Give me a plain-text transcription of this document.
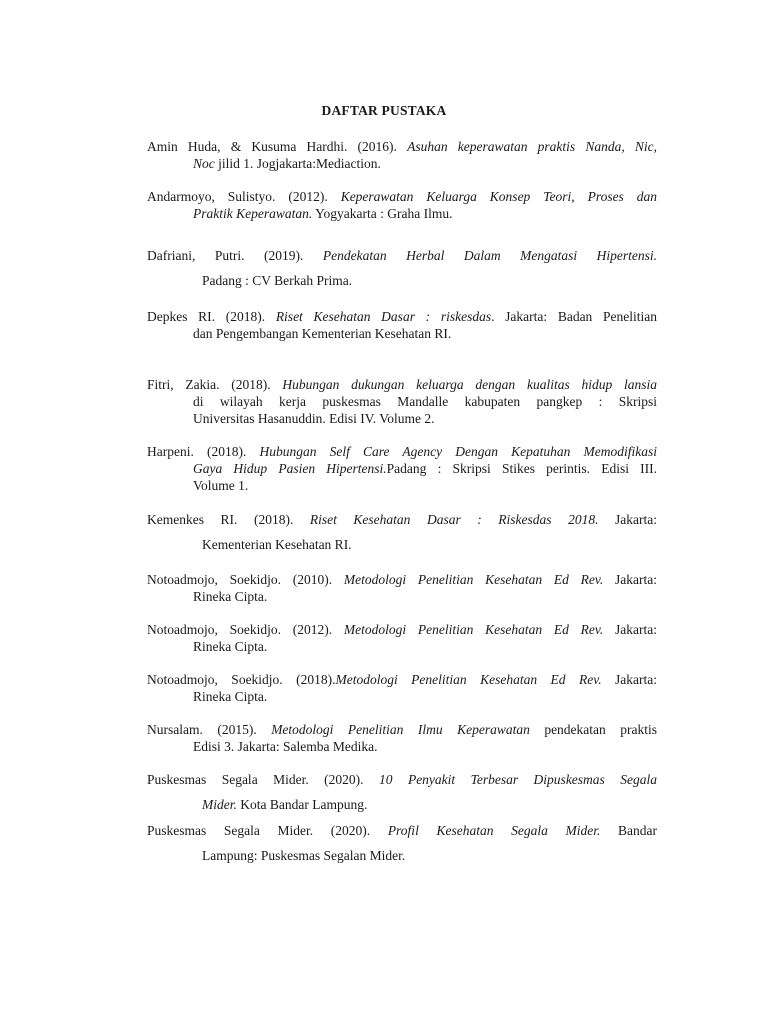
DAFTAR PUSTAKA
Amin Huda, & Kusuma Hardhi. (2016). Asuhan keperawatan praktis Nanda, Nic,
Noc jilid 1. Jogjakarta:Mediaction.
Andarmoyo, Sulistyo. (2012). Keperawatan Keluarga Konsep Teori, Proses dan
Praktik Keperawatan. Yogyakarta : Graha Ilmu.
Dafriani, Putri. (2019). Pendekatan Herbal Dalam Mengatasi Hipertensi.
Padang : CV Berkah Prima.
Depkes RI. (2018). Riset Kesehatan Dasar : riskesdas. Jakarta: Badan Penelitian
dan Pengembangan Kementerian Kesehatan RI.
Fitri, Zakia. (2018). Hubungan dukungan keluarga dengan kualitas hidup lansia
di wilayah kerja puskesmas Mandalle kabupaten pangkep : Skripsi
Universitas Hasanuddin. Edisi IV. Volume 2.
Harpeni. (2018). Hubungan Self Care Agency Dengan Kepatuhan Memodifikasi
Gaya Hidup Pasien Hipertensi.Padang : Skripsi Stikes perintis. Edisi III.
Volume 1.
Kemenkes RI. (2018). Riset Kesehatan Dasar : Riskesdas 2018. Jakarta:
Kementerian Kesehatan RI.
Notoadmojo, Soekidjo. (2010). Metodologi Penelitian Kesehatan Ed Rev. Jakarta:
Rineka Cipta.
Notoadmojo, Soekidjo. (2012). Metodologi Penelitian Kesehatan Ed Rev. Jakarta:
Rineka Cipta.
Notoadmojo, Soekidjo. (2018).Metodologi Penelitian Kesehatan Ed Rev. Jakarta:
Rineka Cipta.
Nursalam. (2015). Metodologi Penelitian Ilmu Keperawatan pendekatan praktis
Edisi 3. Jakarta: Salemba Medika.
Puskesmas Segala Mider. (2020). 10 Penyakit Terbesar Dipuskesmas Segala
Mider. Kota Bandar Lampung.
Puskesmas Segala Mider. (2020). Profil Kesehatan Segala Mider. Bandar
Lampung: Puskesmas Segalan Mider.
